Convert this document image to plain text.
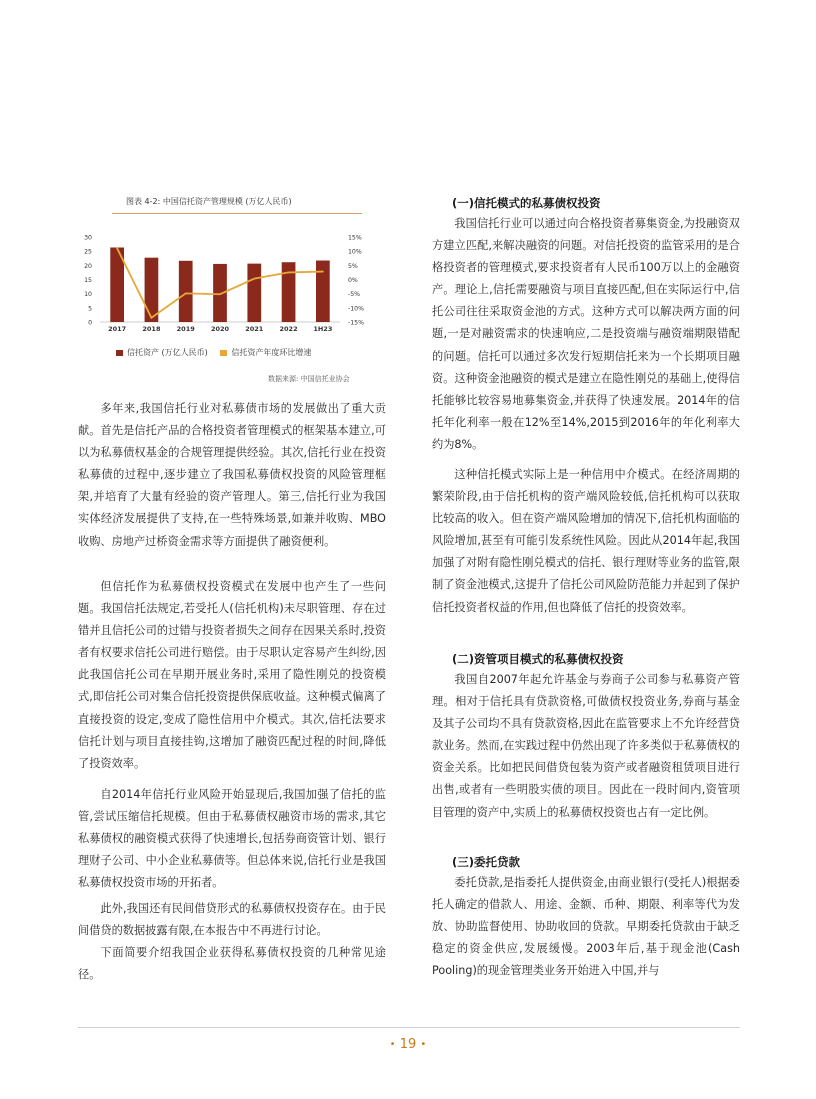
图表 4-2: 中国信托资产管理规模 (万亿人民币)
30
25
20
15
10
5
0
15%
10%
5%
0%
-5%
-10%
-15%
2017 2018 2019 2020 2021 2022 1H23
信托资产 (万亿人民币)	信托资产年度环比增速
数据来源: 中国信托业协会

多年来,我国信托行业对私募债市场的发展做出了重大贡献。首先是信托产品的合格投资者管理模式的框架基本建立,可以为私募债权基金的合规管理提供经验。其次,信托行业在投资私募债的过程中,逐步建立了我国私募债权投资的风险管理框架,并培育了大量有经验的资产管理人。第三,信托行业为我国实体经济发展提供了支持,在一些特殊场景,如兼并收购、MBO收购、房地产过桥资金需求等方面提供了融资便利。

但信托作为私募债权投资模式在发展中也产生了一些问题。我国信托法规定,若受托人(信托机构)未尽职管理、存在过错并且信托公司的过错与投资者损失之间存在因果关系时,投资者有权要求信托公司进行赔偿。由于尽职认定容易产生纠纷,因此我国信托公司在早期开展业务时,采用了隐性刚兑的投资模式,即信托公司对集合信托投资提供保底收益。这种模式偏离了直接投资的设定,变成了隐性信用中介模式。其次,信托法要求信托计划与项目直接挂钩,这增加了融资匹配过程的时间,降低了投资效率。

自2014年信托行业风险开始显现后,我国加强了信托的监管,尝试压缩信托规模。但由于私募债权融资市场的需求,其它私募债权的融资模式获得了快速增长,包括券商资管计划、银行理财子公司、中小企业私募债等。但总体来说,信托行业是我国私募债权投资市场的开拓者。

此外,我国还有民间借贷形式的私募债权投资存在。由于民间借贷的数据披露有限,在本报告中不再进行讨论。

下面简要介绍我国企业获得私募债权投资的几种常见途径。

(一)信托模式的私募债权投资

我国信托行业可以通过向合格投资者募集资金,为投融资双方建立匹配,来解决融资的问题。对信托投资的监管采用的是合格投资者的管理模式,要求投资者有人民币100万以上的金融资产。理论上,信托需要融资与项目直接匹配,但在实际运行中,信托公司往往采取资金池的方式。这种方式可以解决两方面的问题,一是对融资需求的快速响应,二是投资端与融资端期限错配的问题。信托可以通过多次发行短期信托来为一个长期项目融资。这种资金池融资的模式是建立在隐性刚兑的基础上,使得信托能够比较容易地募集资金,并获得了快速发展。2014年的信托年化利率一般在12%至14%,2015到2016年的年化利率大约为8%。

这种信托模式实际上是一种信用中介模式。在经济周期的繁荣阶段,由于信托机构的资产端风险较低,信托机构可以获取比较高的收入。但在资产端风险增加的情况下,信托机构面临的风险增加,甚至有可能引发系统性风险。因此从2014年起,我国加强了对附有隐性刚兑模式的信托、银行理财等业务的监管,限制了资金池模式,这提升了信托公司风险防范能力并起到了保护信托投资者权益的作用,但也降低了信托的投资效率。

(二)资管项目模式的私募债权投资

我国自2007年起允许基金与券商子公司参与私募资产管理。相对于信托具有贷款资格,可做债权投资业务,券商与基金及其子公司均不具有贷款资格,因此在监管要求上不允许经营贷款业务。然而,在实践过程中仍然出现了许多类似于私募债权的资金关系。比如把民间借贷包装为资产或者融资租赁项目进行出售,或者有一些明股实债的项目。因此在一段时间内,资管项目管理的资产中,实质上的私募债权投资也占有一定比例。

(三)委托贷款

委托贷款,是指委托人提供资金,由商业银行(受托人)根据委托人确定的借款人、用途、金额、币种、期限、利率等代为发放、协助监督使用、协助收回的贷款。早期委托贷款由于缺乏稳定的资金供应,发展缓慢。2003年后,基于现金池(Cash Pooling)的现金管理类业务开始进入中国,并与

• 19 •
